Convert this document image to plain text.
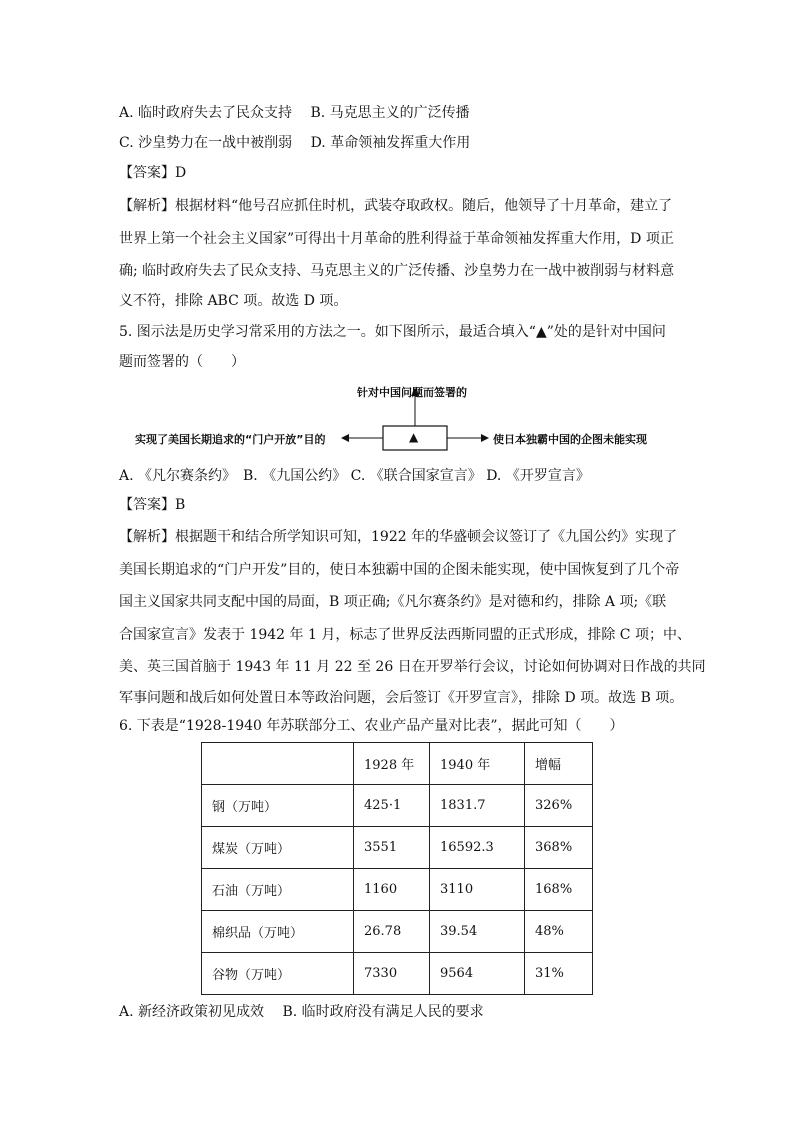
A. 临时政府失去了民众支持 B. 马克思主义的广泛传播
C. 沙皇势力在一战中被削弱 D. 革命领袖发挥重大作用
【答案】D
【解析】根据材料“他号召应抓住时机，武装夺取政权。随后，他领导了十月革命，建立了
世界上第一个社会主义国家”可得出十月革命的胜利得益于革命领袖发挥重大作用，D 项正
确; 临时政府失去了民众支持、马克思主义的广泛传播、沙皇势力在一战中被削弱与材料意
义不符，排除 ABC 项。故选 D 项。
5. 图示法是历史学习常采用的方法之一。如下图所示，最适合填入“▲”处的是针对中国问
题而签署的（　　）
针对中国问题而签署的
实现了美国长期追求的“门户开放”目的	使日本独霸中国的企图未能实现
▲
A. 《凡尔赛条约》　B. 《九国公约》 C. 《联合国家宣言》 D. 《开罗宣言》
【答案】B
【解析】根据题干和结合所学知识可知，1922 年的华盛顿会议签订了《九国公约》实现了
美国长期追求的“门户开发”目的，使日本独霸中国的企图未能实现，使中国恢复到了几个帝
国主义国家共同支配中国的局面，B 项正确;《凡尔赛条约》是对德和约，排除 A 项;《联
合国家宣言》发表于 1942 年 1 月，标志了世界反法西斯同盟的正式形成，排除 C 项；中、
美、英三国首脑于 1943 年 11 月 22 至 26 日在开罗举行会议，讨论如何协调对日作战的共同
军事问题和战后如何处置日本等政治问题，会后签订《开罗宣言》，排除 D 项。故选 B 项。
6. 下表是“1928-1940 年苏联部分工、农业产品产量对比表”，据此可知（　　）
	1928 年	1940 年	增幅
钢（万吨）	425·1	1831.7	326%
煤炭（万吨）	3551	16592.3	368%
石油（万吨）	1160	3110	168%
棉织品（万吨）	26.78	39.54	48%
谷物（万吨）	7330	9564	31%
A. 新经济政策初见成效 B. 临时政府没有满足人民的要求
